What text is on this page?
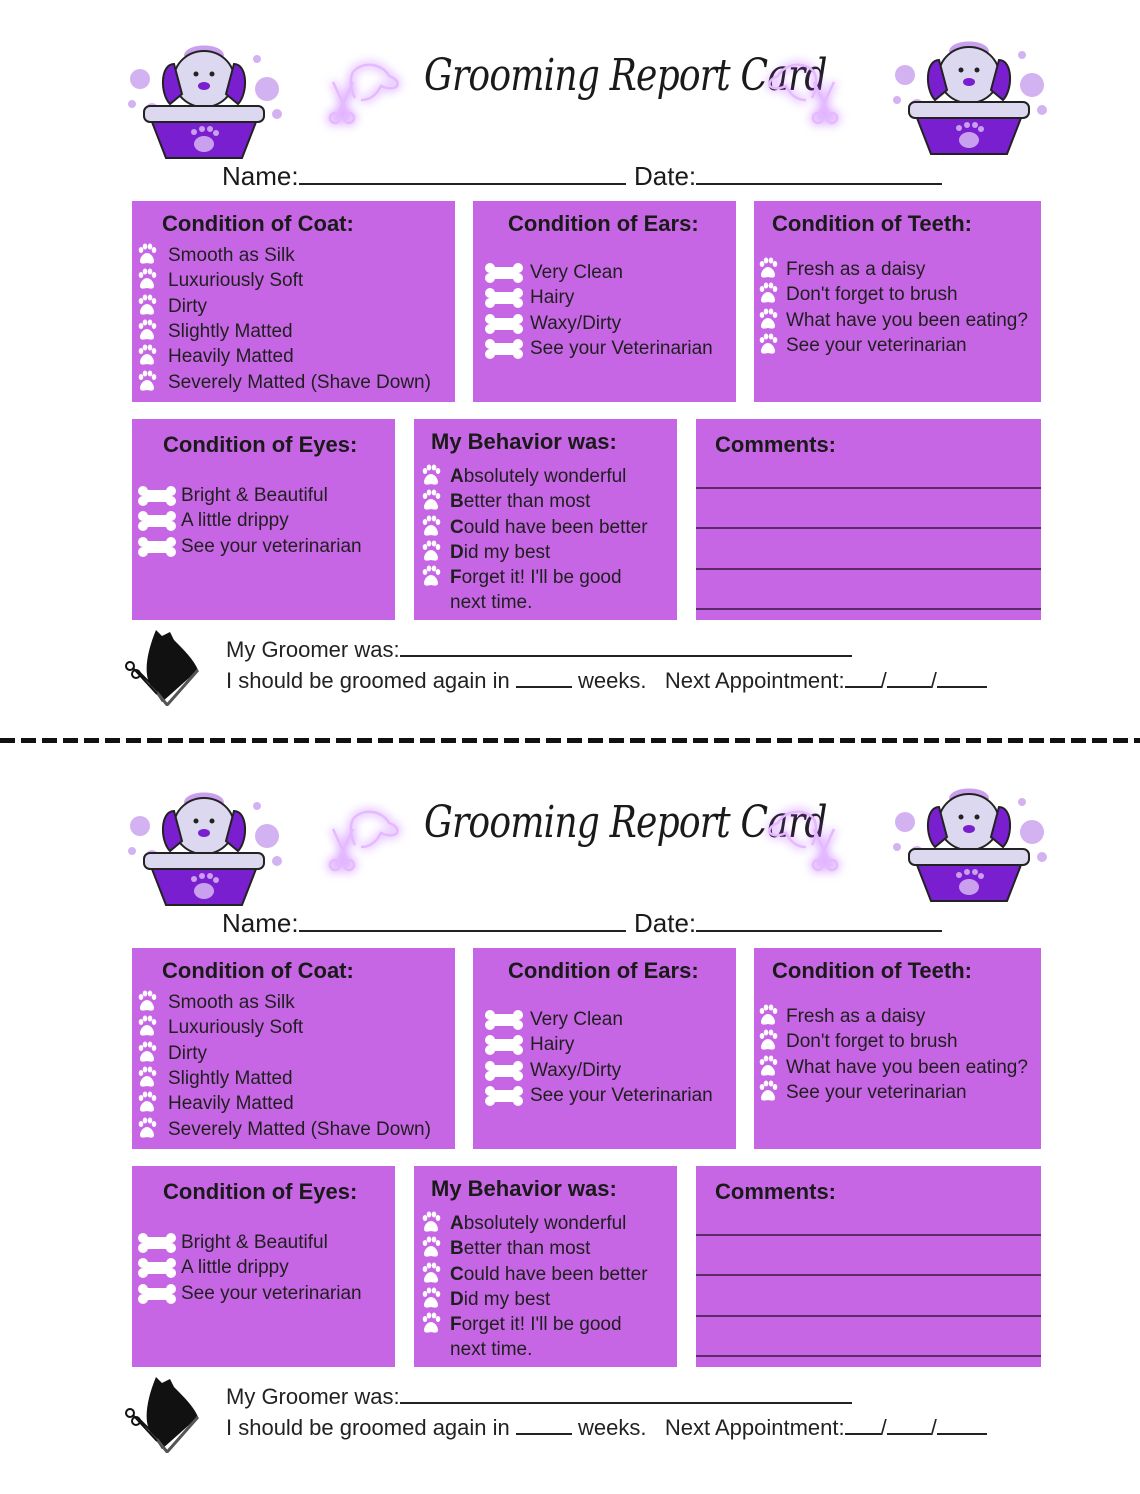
Grooming Report Card
Name:	Date:
Condition of Coat:
Smooth as Silk
Luxuriously Soft
Dirty
Slightly Matted
Heavily Matted
Severely Matted (Shave Down)
Condition of Ears:
Very Clean
Hairy
Waxy/Dirty
See your Veterinarian
Condition of Teeth:
Fresh as a daisy
Don't forget to brush
What have you been eating?
See your veterinarian
Condition of Eyes:
Bright & Beautiful
A little drippy
See your veterinarian
My Behavior was:
Absolutely wonderful
Better than most
Could have been better
Did my best
Forget it! I'll be good
next time.
Comments:
My Groomer was:
I should be groomed again in	weeks. Next Appointment: / /
Grooming Report Card
Name:	Date:
Condition of Coat:
Smooth as Silk
Luxuriously Soft
Dirty
Slightly Matted
Heavily Matted
Severely Matted (Shave Down)
Condition of Ears:
Very Clean
Hairy
Waxy/Dirty
See your Veterinarian
Condition of Teeth:
Fresh as a daisy
Don't forget to brush
What have you been eating?
See your veterinarian
Condition of Eyes:
Bright & Beautiful
A little drippy
See your veterinarian
My Behavior was:
Absolutely wonderful
Better than most
Could have been better
Did my best
Forget it! I'll be good
next time.
Comments:
My Groomer was:
I should be groomed again in	weeks. Next Appointment: / /
